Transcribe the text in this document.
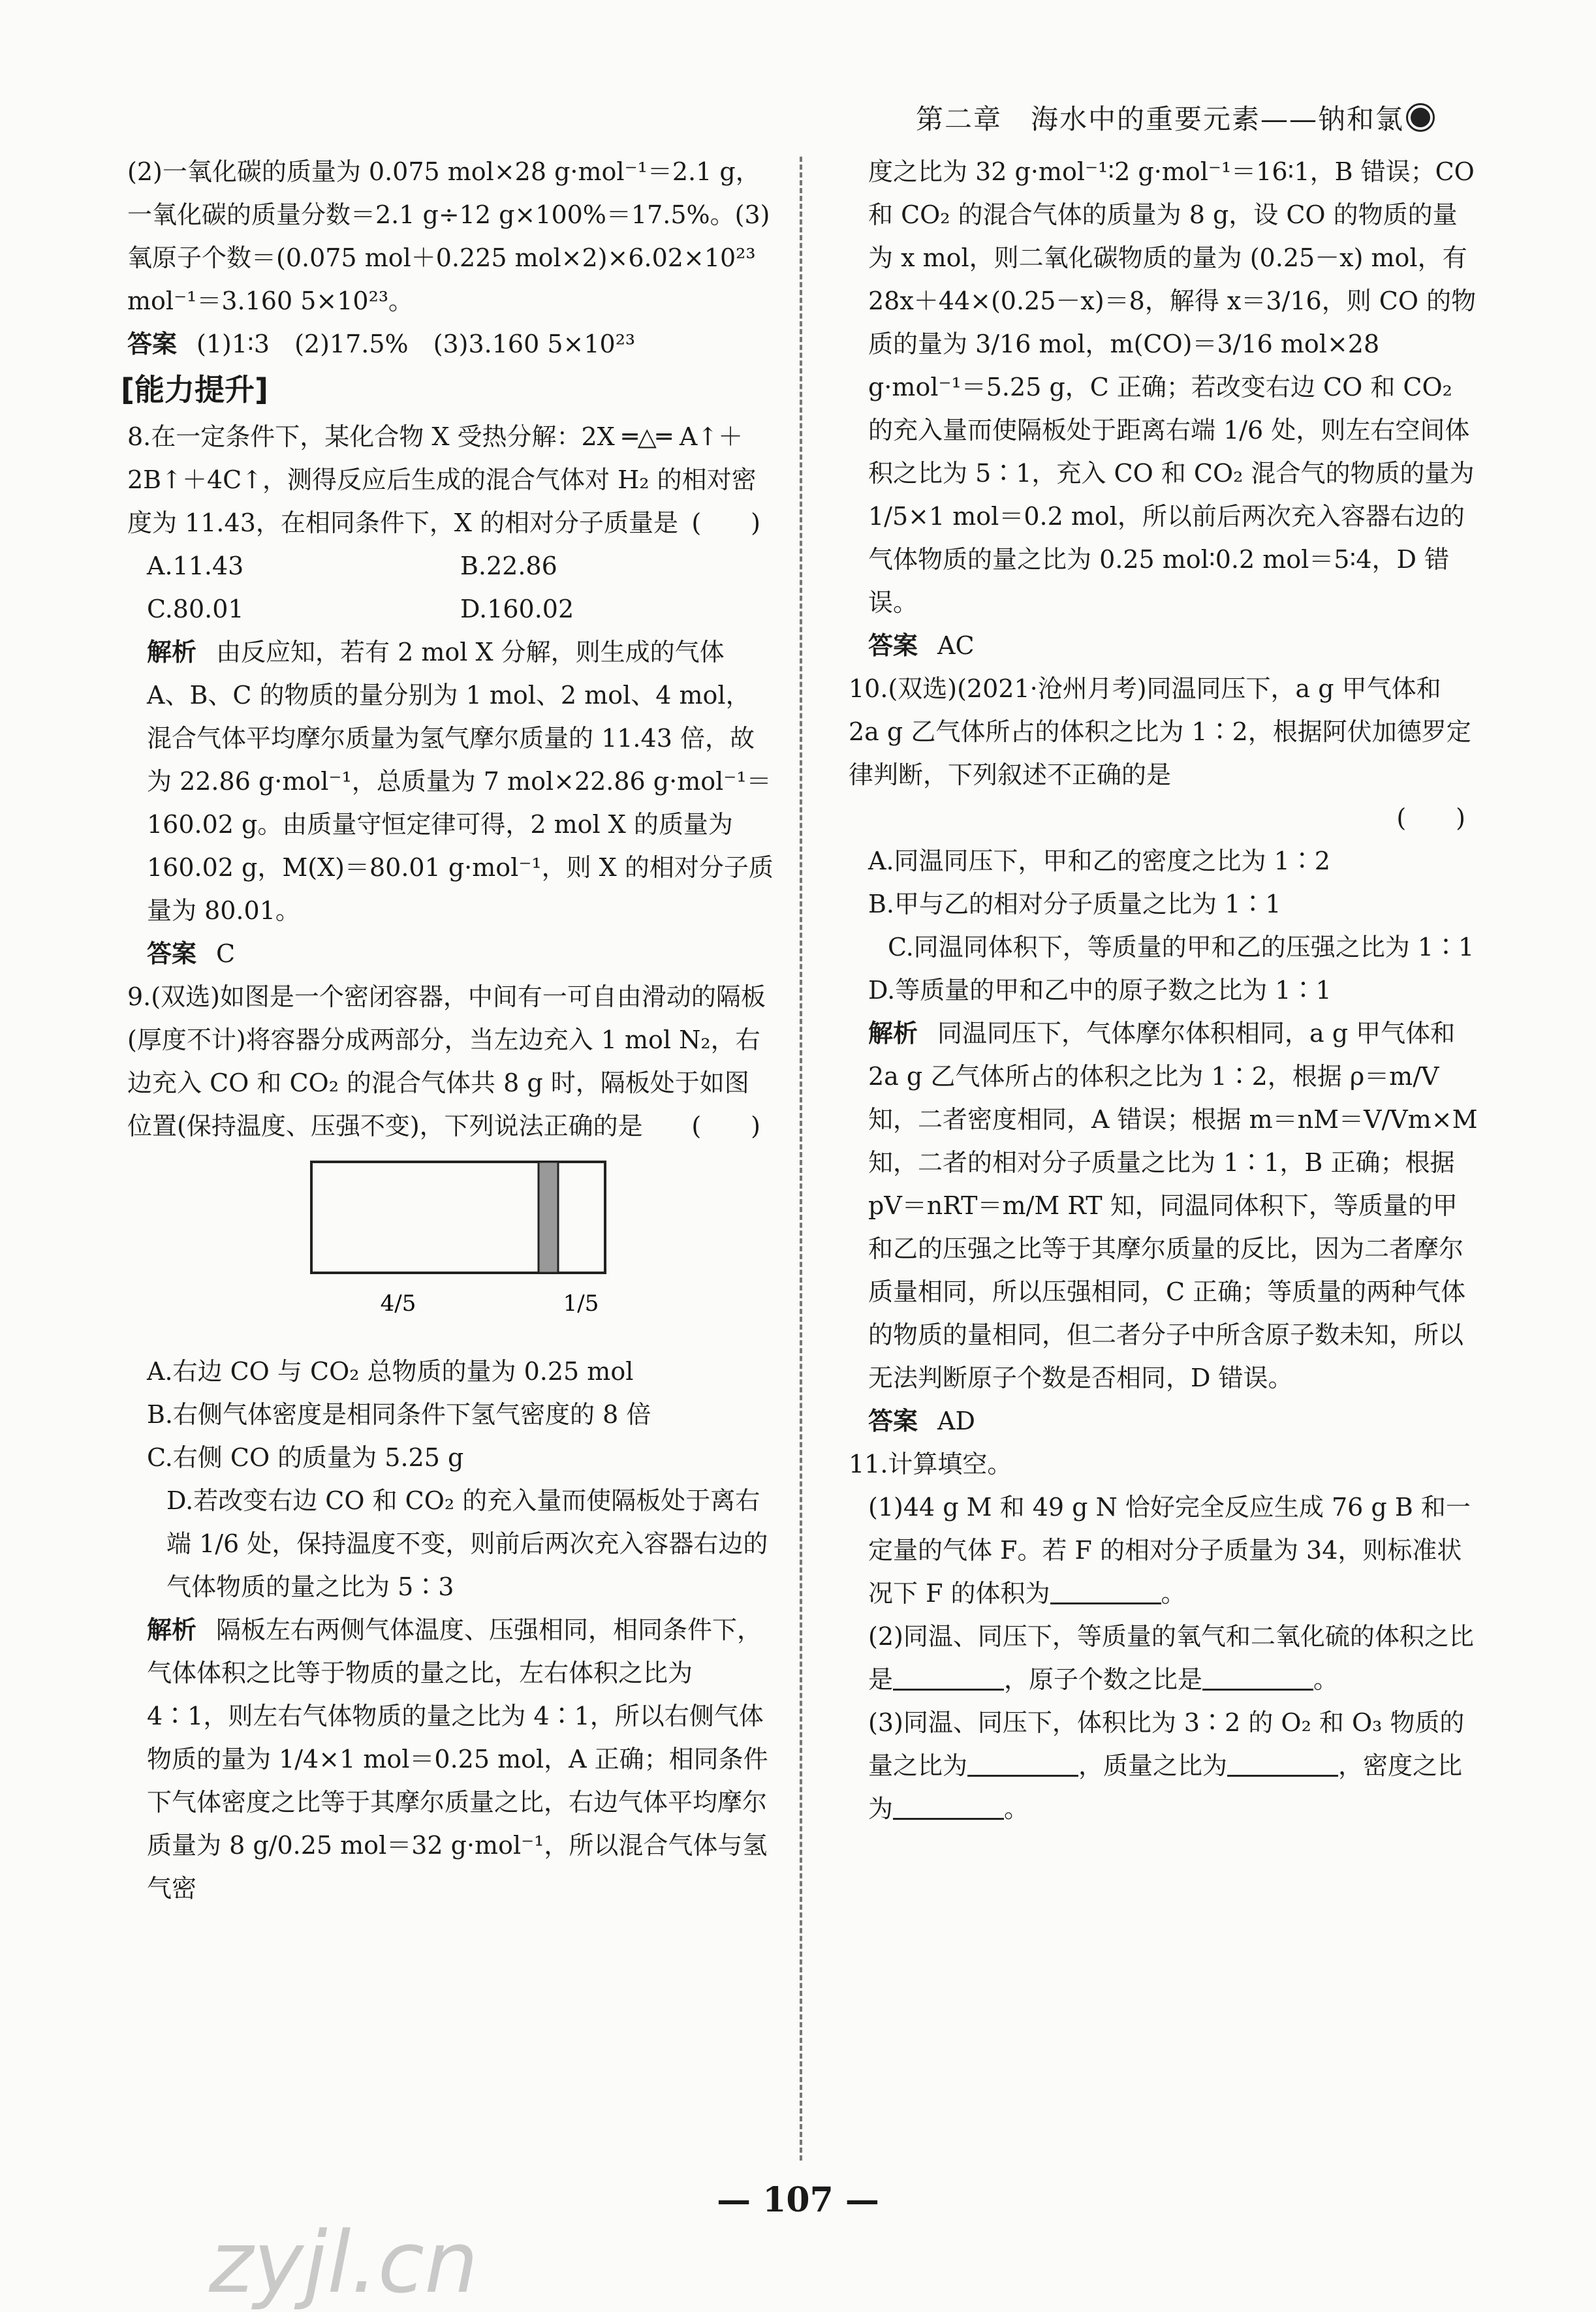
第二章　海水中的重要元素——钠和氯

(2)一氧化碳的质量为 0.075 mol×28 g·mol⁻¹＝2.1 g，一氧化碳的质量分数＝2.1 g÷12 g×100%＝17.5%。(3)氧原子个数＝(0.075 mol＋0.225 mol×2)×6.02×10²³ mol⁻¹＝3.160 5×10²³。

答案 (1)1∶3　(2)17.5%　(3)3.160 5×10²³

[能力提升]

8.在一定条件下，某化合物 X 受热分解：2X ═△═ A↑＋2B↑＋4C↑，测得反应后生成的混合气体对 H₂ 的相对密度为 11.43，在相同条件下，X 的相对分子质量是 (　　)

A.11.43	B.22.86
C.80.01	D.160.02

解析 由反应知，若有 2 mol X 分解，则生成的气体 A、B、C 的物质的量分别为 1 mol、2 mol、4 mol，混合气体平均摩尔质量为氢气摩尔质量的 11.43 倍，故为 22.86 g·mol⁻¹，总质量为 7 mol×22.86 g·mol⁻¹＝160.02 g。由质量守恒定律可得，2 mol X 的质量为 160.02 g，M(X)＝80.01 g·mol⁻¹，则 X 的相对分子质量为 80.01。

答案 C

9.(双选)如图是一个密闭容器，中间有一可自由滑动的隔板(厚度不计)将容器分成两部分，当左边充入 1 mol N₂，右边充入 CO 和 CO₂ 的混合气体共 8 g 时，隔板处于如图位置(保持温度、压强不变)，下列说法正确的是 (　　)

4/5	1/5

A.右边 CO 与 CO₂ 总物质的量为 0.25 mol

B.右侧气体密度是相同条件下氢气密度的 8 倍

C.右侧 CO 的质量为 5.25 g

D.若改变右边 CO 和 CO₂ 的充入量而使隔板处于离右端 1/6 处，保持温度不变，则前后两次充入容器右边的气体物质的量之比为 5∶3

解析 隔板左右两侧气体温度、压强相同，相同条件下，气体体积之比等于物质的量之比，左右体积之比为 4∶1，则左右气体物质的量之比为 4∶1，所以右侧气体物质的量为 1/4×1 mol＝0.25 mol，A 正确；相同条件下气体密度之比等于其摩尔质量之比，右边气体平均摩尔质量为 8 g/0.25 mol＝32 g·mol⁻¹，所以混合气体与氢气密

度之比为 32 g·mol⁻¹∶2 g·mol⁻¹＝16∶1，B 错误；CO 和 CO₂ 的混合气体的质量为 8 g，设 CO 的物质的量为 x mol，则二氧化碳物质的量为 (0.25－x) mol，有 28x＋44×(0.25－x)＝8，解得 x＝3/16，则 CO 的物质的量为 3/16 mol，m(CO)＝3/16 mol×28 g·mol⁻¹＝5.25 g，C 正确；若改变右边 CO 和 CO₂ 的充入量而使隔板处于距离右端 1/6 处，则左右空间体积之比为 5∶1，充入 CO 和 CO₂ 混合气的物质的量为 1/5×1 mol＝0.2 mol，所以前后两次充入容器右边的气体物质的量之比为 0.25 mol∶0.2 mol＝5∶4，D 错误。

答案 AC

10.(双选)(2021·沧州月考)同温同压下，a g 甲气体和 2a g 乙气体所占的体积之比为 1∶2，根据阿伏加德罗定律判断，下列叙述不正确的是

(　　)

A.同温同压下，甲和乙的密度之比为 1∶2

B.甲与乙的相对分子质量之比为 1∶1

C.同温同体积下，等质量的甲和乙的压强之比为 1∶1

D.等质量的甲和乙中的原子数之比为 1∶1

解析 同温同压下，气体摩尔体积相同，a g 甲气体和 2a g 乙气体所占的体积之比为 1∶2，根据 ρ＝m/V 知，二者密度相同，A 错误；根据 m＝nM＝V/Vm×M 知，二者的相对分子质量之比为 1∶1，B 正确；根据 pV＝nRT＝m/M RT 知，同温同体积下，等质量的甲和乙的压强之比等于其摩尔质量的反比，因为二者摩尔质量相同，所以压强相同，C 正确；等质量的两种气体的物质的量相同，但二者分子中所含原子数未知，所以无法判断原子个数是否相同，D 错误。

答案 AD

11.计算填空。

(1)44 g M 和 49 g N 恰好完全反应生成 76 g B 和一定量的气体 F。若 F 的相对分子质量为 34，则标准状况下 F 的体积为	。

(2)同温、同压下，等质量的氧气和二氧化硫的体积之比是	，原子个数之比是	。

(3)同温、同压下，体积比为 3∶2 的 O₂ 和 O₃ 物质的量之比为	，质量之比为	，密度之比为	。

— 107 —
zyjl.cn
